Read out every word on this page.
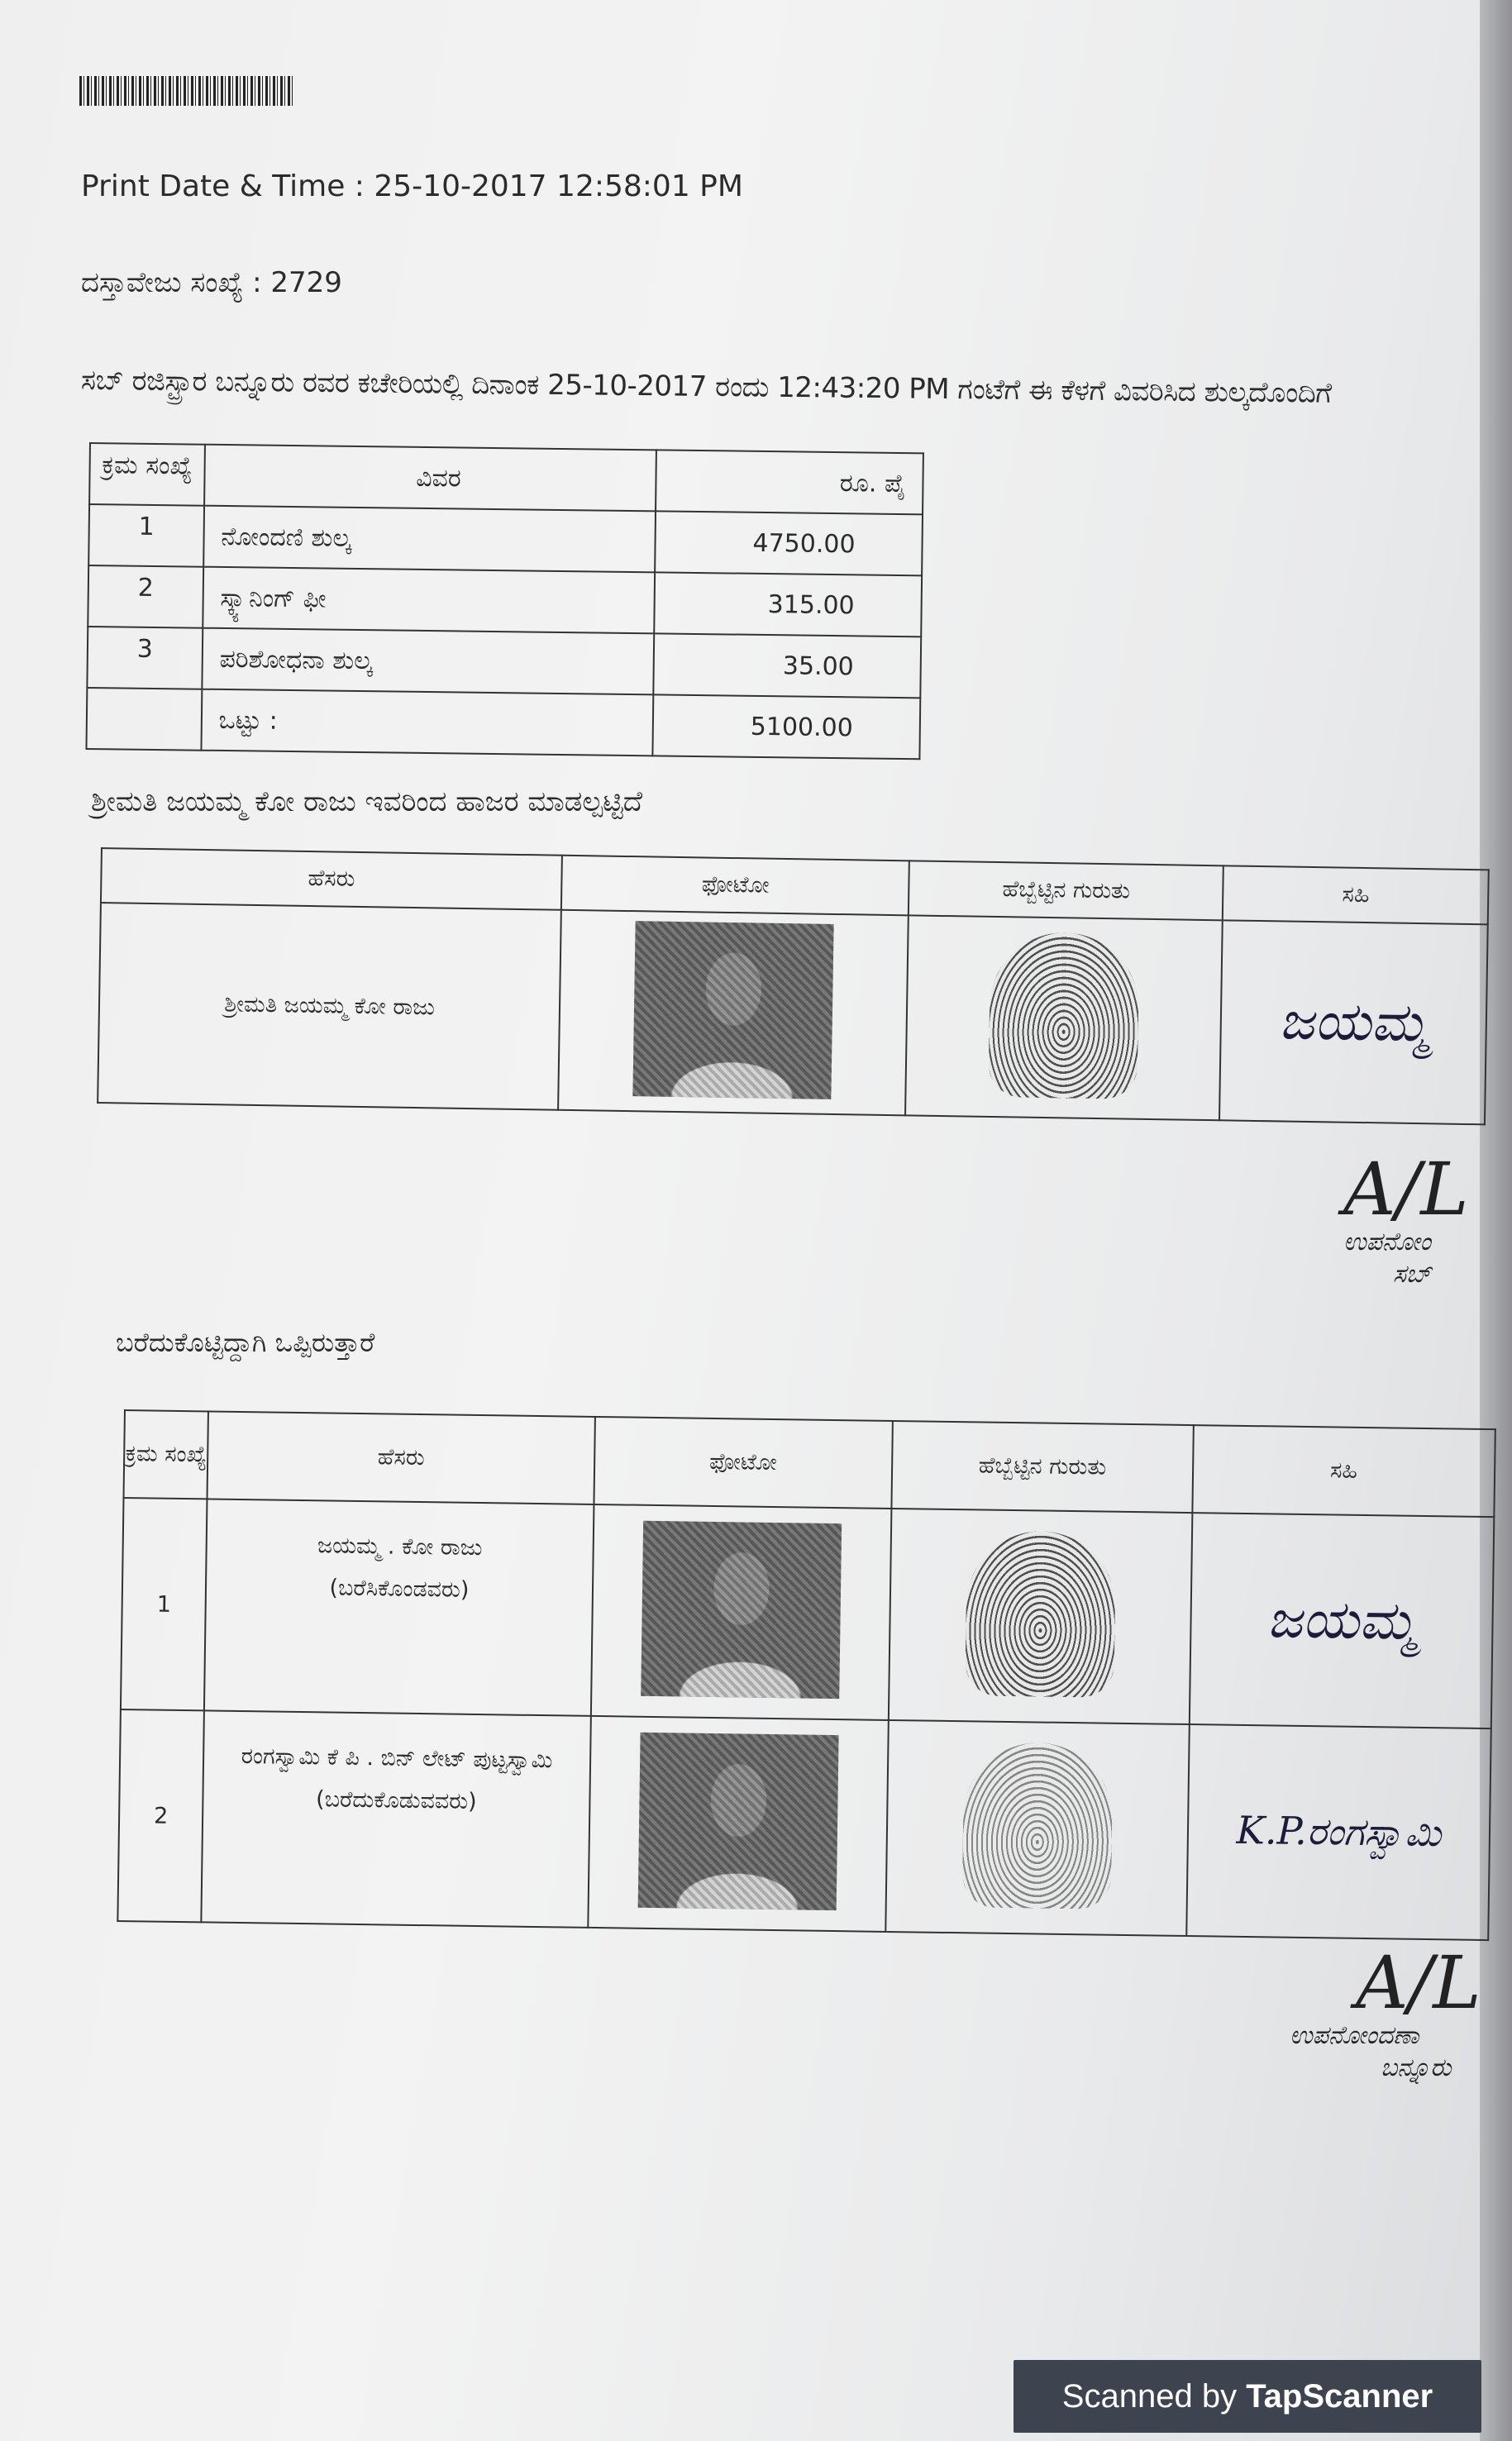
Print Date & Time : 25-10-2017 12:58:01 PM
ದಸ್ತಾವೇಜು ಸಂಖ್ಯೆ : 2729
ಸಬ್ ರಜಿಸ್ಟ್ರಾರ ಬನ್ನೂರು ರವರ ಕಚೇರಿಯಲ್ಲಿ ದಿನಾಂಕ 25-10-2017 ರಂದು 12:43:20 PM ಗಂಟೆಗೆ ಈ ಕೆಳಗೆ ವಿವರಿಸಿದ ಶುಲ್ಕದೊಂದಿಗೆ
ಕ್ರಮ ಸಂಖ್ಯೆ	ವಿವರ	ರೂ. ಪೈ
1	ನೋಂದಣಿ ಶುಲ್ಕ	4750.00
2	ಸ್ಕ್ಯಾನಿಂಗ್ ಫೀ	315.00
3	ಪರಿಶೋಧನಾ ಶುಲ್ಕ	35.00
	ಒಟ್ಟು :	5100.00
ಶ್ರೀಮತಿ ಜಯಮ್ಮ ಕೋ ರಾಜು ಇವರಿಂದ ಹಾಜರ ಮಾಡಲ್ಪಟ್ಟಿದೆ
ಹೆಸರು	ಫೋಟೋ	ಹೆಬ್ಬೆಟ್ಟಿನ ಗುರುತು	ಸಹಿ
ಶ್ರೀಮತಿ ಜಯಮ್ಮ ಕೋ ರಾಜು			ಜಯಮ್ಮ
A/L
ಉಪನೋಂ
ಸಬ್
ಬರೆದುಕೊಟ್ಟಿದ್ದಾಗಿ ಒಪ್ಪಿರುತ್ತಾರೆ
ಕ್ರಮ ಸಂಖ್ಯೆ	ಹೆಸರು	ಫೋಟೋ	ಹೆಬ್ಬೆಟ್ಟಿನ ಗುರುತು	ಸಹಿ
1	ಜಯಮ್ಮ . ಕೋ ರಾಜು
(ಬರೆಸಿಕೊಂಡವರು)			ಜಯಮ್ಮ
2	ರಂಗಸ್ವಾಮಿ ಕೆ ಪಿ . ಬಿನ್ ಲೇಟ್ ಪುಟ್ಟಸ್ವಾಮಿ
(ಬರೆದುಕೊಡುವವರು)			K.P.ರಂಗಸ್ವಾಮಿ
A/L
ಉಪನೋಂದಣಾ
ಬನ್ನೂರು
Scanned by TapScanner
